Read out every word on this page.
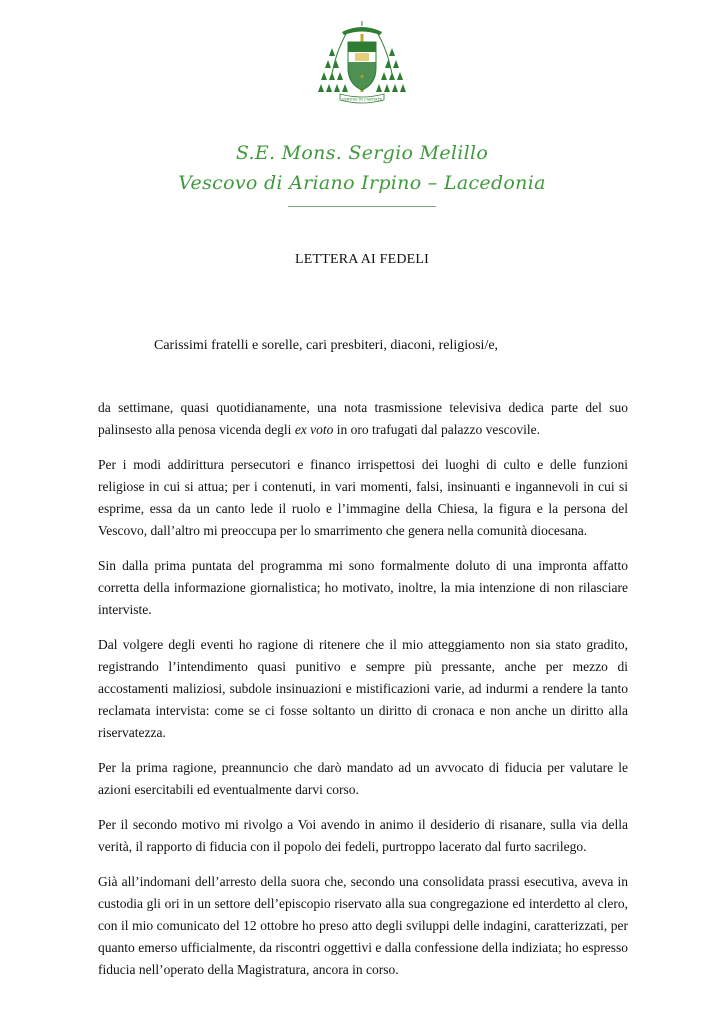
✶
VERITAS IN CARITATE
S.E. Mons. Sergio Melillo
Vescovo di Ariano Irpino – Lacedonia
LETTERA AI FEDELI
Carissimi fratelli e sorelle, cari presbiteri, diaconi, religiosi/e,

da settimane, quasi quotidianamente, una nota trasmissione televisiva dedica parte del suo palinsesto alla penosa vicenda degli ex voto in oro trafugati dal palazzo vescovile.

Per i modi addirittura persecutori e financo irrispettosi dei luoghi di culto e delle funzioni religiose in cui si attua; per i contenuti, in vari momenti, falsi, insinuanti e ingannevoli in cui si esprime, essa da un canto lede il ruolo e l’immagine della Chiesa, la figura e la persona del Vescovo, dall’altro mi preoccupa per lo smarrimento che genera nella comunità diocesana.

Sin dalla prima puntata del programma mi sono formalmente doluto di una impronta affatto corretta della informazione giornalistica; ho motivato, inoltre, la mia intenzione di non rilasciare interviste.

Dal volgere degli eventi ho ragione di ritenere che il mio atteggiamento non sia stato gradito, registrando l’intendimento quasi punitivo e sempre più pressante, anche per mezzo di accostamenti maliziosi, subdole insinuazioni e mistificazioni varie, ad indurmi a rendere la tanto reclamata intervista: come se ci fosse soltanto un diritto di cronaca e non anche un diritto alla riservatezza.

Per la prima ragione, preannuncio che darò mandato ad un avvocato di fiducia per valutare le azioni esercitabili ed eventualmente darvi corso.

Per il secondo motivo mi rivolgo a Voi avendo in animo il desiderio di risanare, sulla via della verità, il rapporto di fiducia con il popolo dei fedeli, purtroppo lacerato dal furto sacrilego.

Già all’indomani dell’arresto della suora che, secondo una consolidata prassi esecutiva, aveva in custodia gli ori in un settore dell’episcopio riservato alla sua congregazione ed interdetto al clero, con il mio comunicato del 12 ottobre ho preso atto degli sviluppi delle indagini, caratterizzati, per quanto emerso ufficialmente, da riscontri oggettivi e dalla confessione della indiziata; ho espresso fiducia nell’operato della Magistratura, ancora in corso.
